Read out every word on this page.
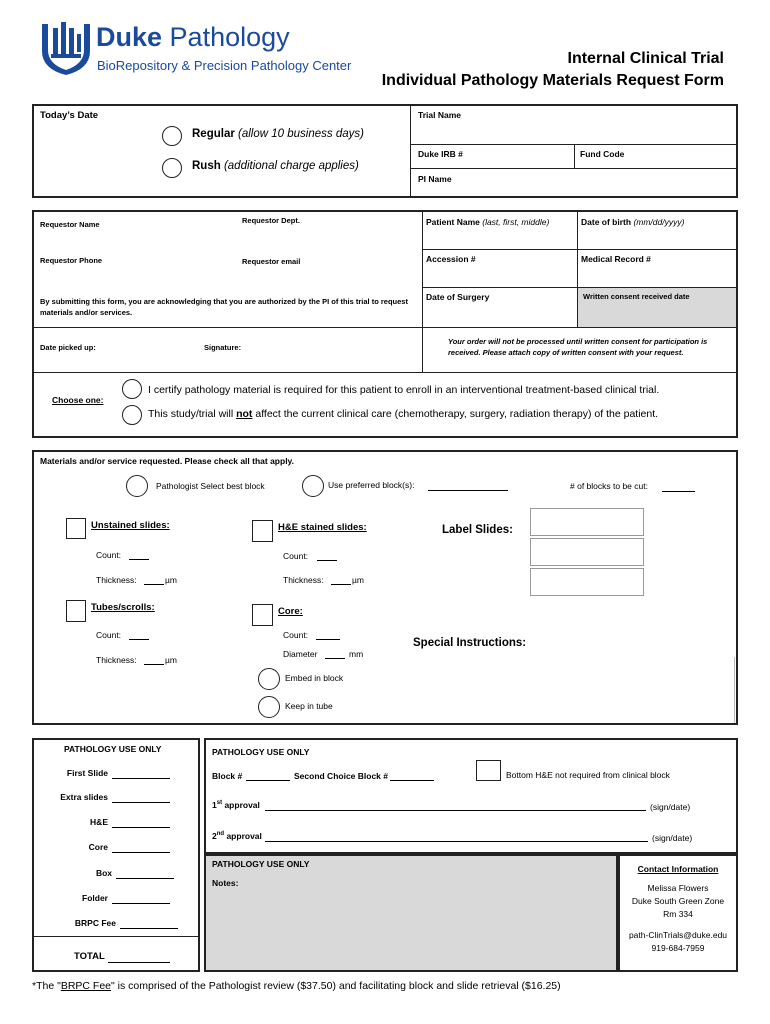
Duke Pathology
BioRepository & Precision Pathology Center	Internal Clinical Trial
Individual Pathology Materials Request Form
Today’s Date
Regular (allow 10 business days)
Rush (additional charge applies)
Trial Name
Duke IRB #	Fund Code
PI Name
Requestor Name	Requestor Dept.
Requestor Phone	Requestor email
By submitting this form, you are acknowledging that you are authorized by the PI of this trial to request materials and/or services.
Date picked up:	Signature:
Patient Name (last, first, middle)	Date of birth (mm/dd/yyyy)
Accession #	Medical Record #
Date of Surgery	Written consent received date
Your order will not be processed until written consent for participation is received. Please attach copy of written consent with your request.
Choose one:
I certify pathology material is required for this patient to enroll in an interventional treatment-based clinical trial.
This study/trial will not affect the current clinical care (chemotherapy, surgery, radiation therapy) of the patient.
Materials and/or service requested. Please check all that apply.
Pathologist Select best block	Use preferred block(s):	# of blocks to be cut:
Unstained slides:
Count:
Thickness:	µm
H&E stained slides:
Count:
Thickness:	µm
Label Slides:
Tubes/scrolls:
Count:
Thickness:	µm
Core:
Count:
Diameter	mm
Special Instructions:
Embed in block
Keep in tube
PATHOLOGY USE ONLY
First Slide
Extra slides
H&E
Core
Box
Folder
BRPC Fee
TOTAL
PATHOLOGY USE ONLY
Block #	Second Choice Block #	Bottom H&E not required from clinical block
1st approval	(sign/date)
2nd approval	(sign/date)
PATHOLOGY USE ONLY
Notes:
Contact Information
Melissa Flowers
Duke South Green Zone
Rm 334
path-ClinTrials@duke.edu
919-684-7959
*The "BRPC Fee" is comprised of the Pathologist review ($37.50) and facilitating block and slide retrieval ($16.25)
